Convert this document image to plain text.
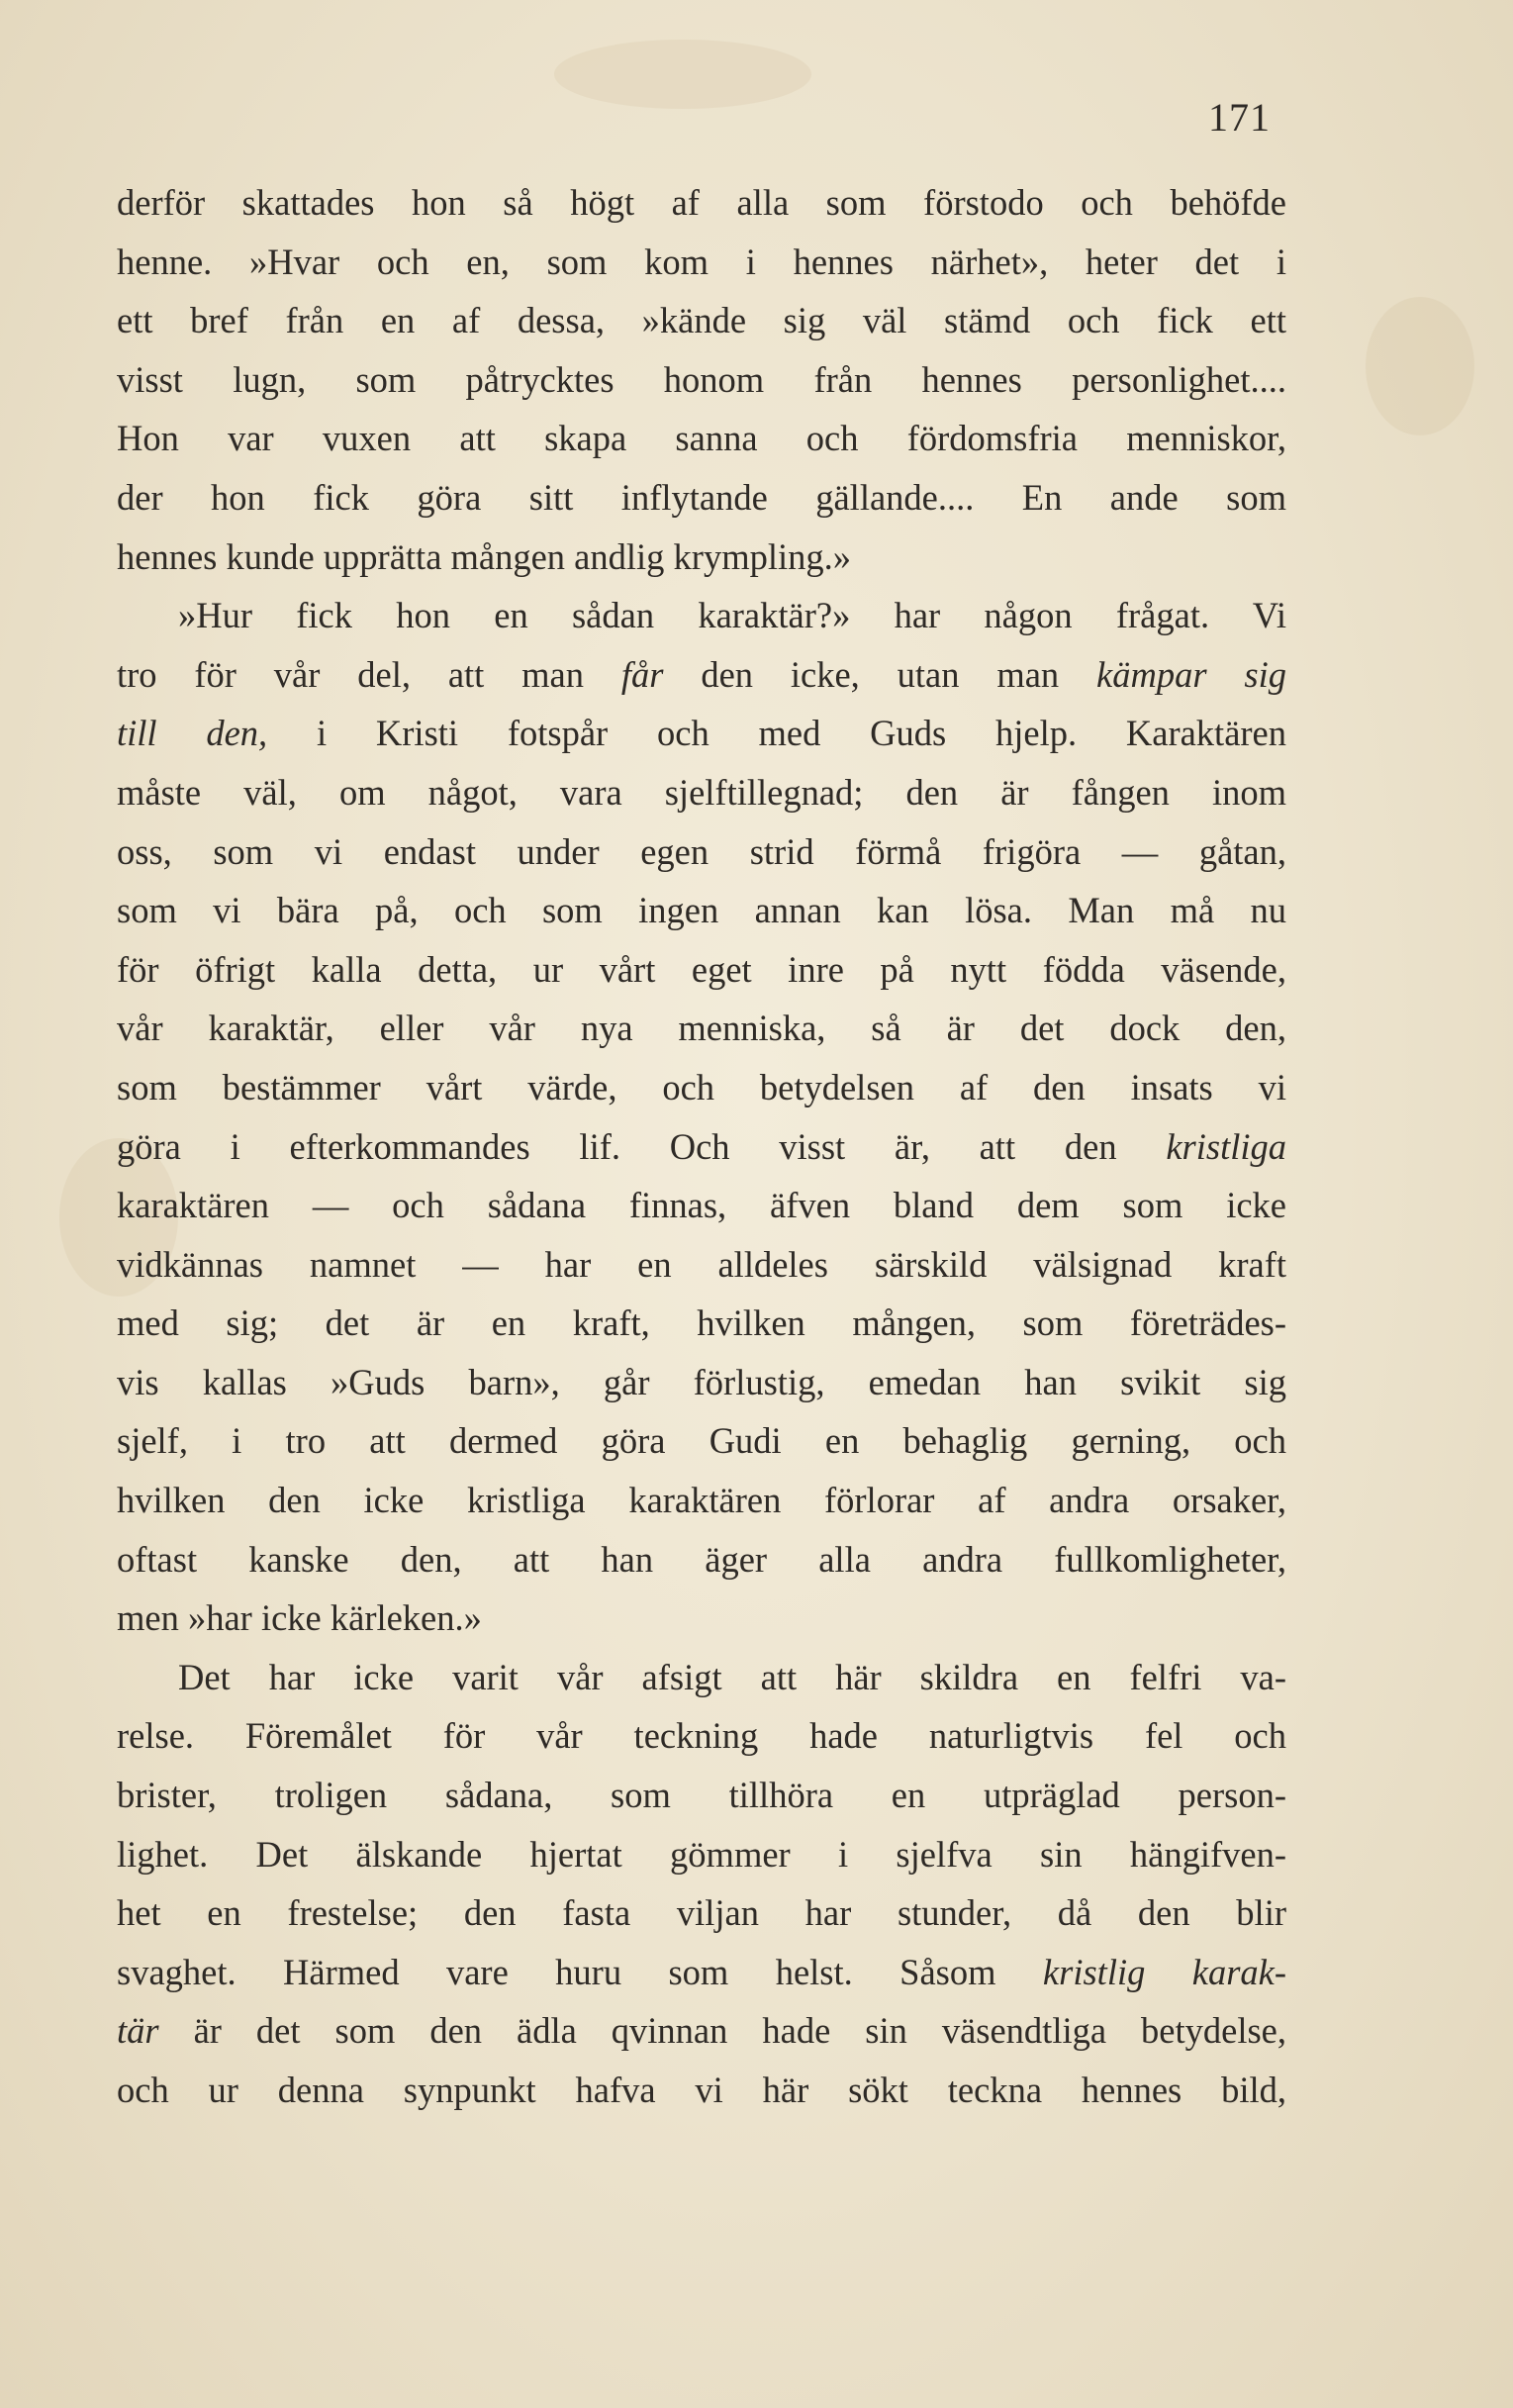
171
derför skattades hon så högt af alla som förstodo och behöfde
henne. »Hvar och en, som kom i hennes närhet», heter det i
ett bref från en af dessa, »kände sig väl stämd och fick ett
visst lugn, som påtrycktes honom från hennes personlighet....
Hon var vuxen att skapa sanna och fördomsfria menniskor,
der hon fick göra sitt inflytande gällande.... En ande som
hennes kunde upprätta mången andlig krympling.»
»Hur fick hon en sådan karaktär?» har någon frågat. Vi
tro för vår del, att man får den icke, utan man kämpar sig
till den, i Kristi fotspår och med Guds hjelp. Karaktären
måste väl, om något, vara sjelftillegnad; den är fången inom
oss, som vi endast under egen strid förmå frigöra — gåtan,
som vi bära på, och som ingen annan kan lösa. Man må nu
för öfrigt kalla detta, ur vårt eget inre på nytt födda väsende,
vår karaktär, eller vår nya menniska, så är det dock den,
som bestämmer vårt värde, och betydelsen af den insats vi
göra i efterkommandes lif. Och visst är, att den kristliga
karaktären — och sådana finnas, äfven bland dem som icke
vidkännas namnet — har en alldeles särskild välsignad kraft
med sig; det är en kraft, hvilken mången, som företrädes-
vis kallas »Guds barn», går förlustig, emedan han svikit sig
sjelf, i tro att dermed göra Gudi en behaglig gerning, och
hvilken den icke kristliga karaktären förlorar af andra orsaker,
oftast kanske den, att han äger alla andra fullkomligheter,
men »har icke kärleken.»
Det har icke varit vår afsigt att här skildra en felfri va-
relse. Föremålet för vår teckning hade naturligtvis fel och
brister, troligen sådana, som tillhöra en utpräglad person-
lighet. Det älskande hjertat gömmer i sjelfva sin hängifven-
het en frestelse; den fasta viljan har stunder, då den blir
svaghet. Härmed vare huru som helst. Såsom kristlig karak-
tär är det som den ädla qvinnan hade sin väsendtliga betydelse,
och ur denna synpunkt hafva vi här sökt teckna hennes bild,
